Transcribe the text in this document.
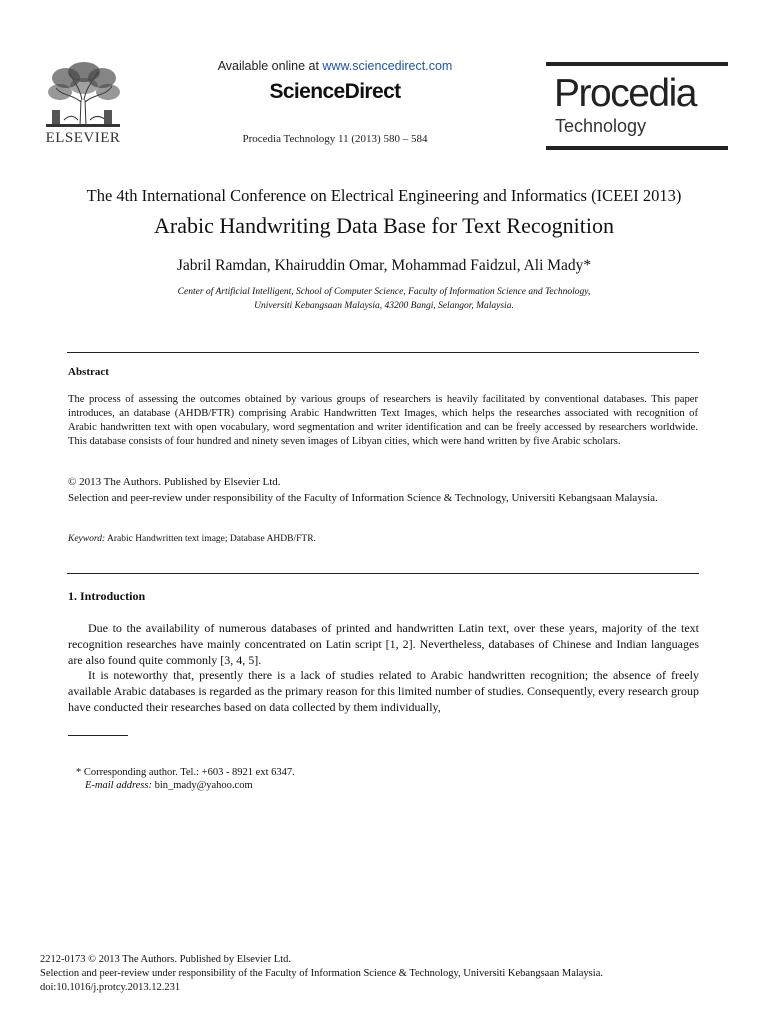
ELSEVIER
Available online at www.sciencedirect.com
ScienceDirect
Procedia Technology 11 (2013) 580 – 584
Procedia
Technology
The 4th International Conference on Electrical Engineering and Informatics (ICEEI 2013)
Arabic Handwriting Data Base for Text Recognition
Jabril Ramdan, Khairuddin Omar, Mohammad Faidzul, Ali Mady*
Center of Artificial Intelligent, School of Computer Science, Faculty of Information Science and Technology,
Universiti Kebangsaan Malaysia, 43200 Bangi, Selangor, Malaysia.
Abstract
The process of assessing the outcomes obtained by various groups of researchers is heavily facilitated by conventional databases. This paper introduces, an database (AHDB/FTR) comprising Arabic Handwritten Text Images, which helps the researches associated with recognition of Arabic handwritten text with open vocabulary, word segmentation and writer identification and can be freely accessed by researchers worldwide. This database consists of four hundred and ninety seven images of Libyan cities, which were hand written by five Arabic scholars.
© 2013 The Authors. Published by Elsevier Ltd.
Selection and peer-review under responsibility of the Faculty of Information Science & Technology, Universiti Kebangsaan Malaysia.
Keyword: Arabic Handwritten text image; Database AHDB/FTR.
1. Introduction

Due to the availability of numerous databases of printed and handwritten Latin text, over these years, majority of the text recognition researches have mainly concentrated on Latin script [1, 2]. Nevertheless, databases of Chinese and Indian languages are also found quite commonly [3, 4, 5].

It is noteworthy that, presently there is a lack of studies related to Arabic handwritten recognition; the absence of freely available Arabic databases is regarded as the primary reason for this limited number of studies. Consequently, every research group have conducted their researches based on data collected by them individually,

* Corresponding author. Tel.: +603 - 8921 ext 6347.
E-mail address: bin_mady@yahoo.com
2212-0173 © 2013 The Authors. Published by Elsevier Ltd.
Selection and peer-review under responsibility of the Faculty of Information Science & Technology, Universiti Kebangsaan Malaysia.
doi:10.1016/j.protcy.2013.12.231
